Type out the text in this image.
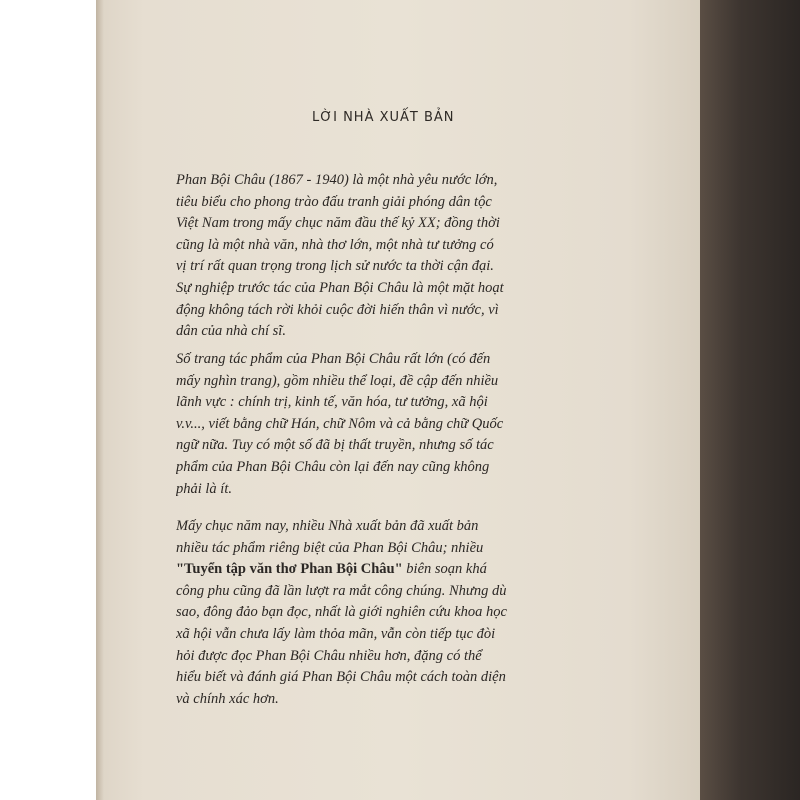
LỜI NHÀ XUẤT BẢN
Phan Bội Châu (1867 - 1940) là một nhà yêu nước lớn,
tiêu biểu cho phong trào đấu tranh giải phóng dân tộc
Việt Nam trong mấy chục năm đầu thế kỷ XX; đồng thời
cũng là một nhà văn, nhà thơ lớn, một nhà tư tưởng có
vị trí rất quan trọng trong lịch sử nước ta thời cận đại.
Sự nghiệp trước tác của Phan Bội Châu là một mặt hoạt
động không tách rời khỏi cuộc đời hiến thân vì nước, vì
dân của nhà chí sĩ.
Số trang tác phẩm của Phan Bội Châu rất lớn (có đến
mấy nghìn trang), gồm nhiều thể loại, đề cập đến nhiều
lãnh vực : chính trị, kinh tế, văn hóa, tư tưởng, xã hội
v.v..., viết bằng chữ Hán, chữ Nôm và cả bằng chữ Quốc
ngữ nữa. Tuy có một số đã bị thất truyền, nhưng số tác
phẩm của Phan Bội Châu còn lại đến nay cũng không
phải là ít.
Mấy chục năm nay, nhiều Nhà xuất bản đã xuất bản
nhiều tác phẩm riêng biệt của Phan Bội Châu; nhiều
"Tuyển tập văn thơ Phan Bội Châu" biên soạn khá
công phu cũng đã lần lượt ra mắt công chúng. Nhưng dù
sao, đông đảo bạn đọc, nhất là giới nghiên cứu khoa học
xã hội vẫn chưa lấy làm thỏa mãn, vẫn còn tiếp tục đòi
hỏi được đọc Phan Bội Châu nhiều hơn, đặng có thể
hiểu biết và đánh giá Phan Bội Châu một cách toàn diện
và chính xác hơn.
